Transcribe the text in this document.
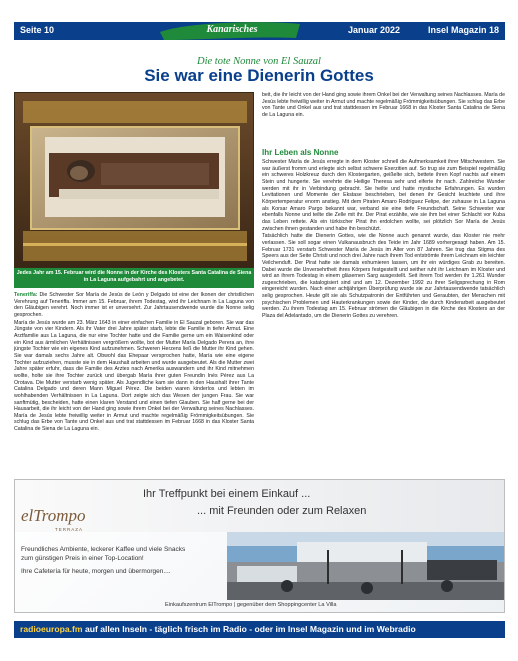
Seite 10	Januar 2022	Insel Magazin 18
Kanarisches
Die tote Nonne von El Sauzal
Sie war eine Dienerin Gottes
Jedes Jahr am 15. Februar wird die Nonne in der Kirche des Klosters Santa Catalina de Siena in La Laguna aufgebahrt und angebetet.

Teneriffa: Die Schwester Sor María de Jesús de León y Delgado ist eine der Ikonen der christlichen Verehrung auf Teneriffa. Immer am 15. Februar, ihrem Todestag, wird ihr Leichnam in La Laguna von den Gläubigen verehrt. Noch immer ist er unversehrt. Zur Jahrtausendwende wurde die Nonne selig gesprochen.

María de Jesús wurde am 23. März 1643 in einer einfachen Familie in El Sauzal geboren. Sie war das Jüngste von vier Kindern. Als ihr Vater drei Jahre später starb, lebte die Familie in tiefer Armut. Eine Arztfamilie aus La Laguna, die nur eine Tochter hatte und die Familie gerne um ein Waisenkind oder ein Kind aus ärmlichen Verhältnissen vergrößern wollte, bot der Mutter María Delgado Perera an, ihre jüngste Tochter wie ein eigenes Kind aufzunehmen. Schweren Herzens ließ die Mutter ihr Kind gehen. Sie war damals sechs Jahre alt. Obwohl das Ehepaar versprochen hatte, María wie eine eigene Tochter aufzuziehen, musste sie in dem Haushalt arbeiten und wurde ausgebeutet. Als die Mutter zwei Jahre später erfuhr, dass die Familie des Arztes nach Amerika auswandern und ihr Kind mitnehmen wollte, holte sie ihre Tochter zurück und übergab María ihrer guten Freundin Inés Pérez aus La Orotava. Die Mutter verstarb wenig später. Als Jugendliche kam sie dann in den Haushalt ihrer Tante Catalina Delgado und deren Mann Miguel Pérez. Die beiden waren kinderlos und lebten im wohlhabenden Verhältnissen in La Laguna. Dort zeigte sich das Wesen der jungen Frau. Sie war sanftmütig, bescheiden, hatte einen klaren Verstand und einen tiefen Glauben. Sie half gerne bei der Hausarbeit, die ihr leicht von der Hand ging sowie ihrem Onkel bei der Verwaltung seines Nachlasses. María de Jesús lebte freiwillig weiter in Armut und machte regelmäßig Frömmigkeitsübungen. Sie schlug das Erbe von Tante und Onkel aus und trat stattdessen im Februar 1668 in das Kloster Santa Catalina de Siena de La Laguna ein.

beit, die ihr leicht von der Hand ging sowie ihrem Onkel bei der Verwaltung seines Nachlasses. María de Jesús lebte freiwillig weiter in Armut und machte regelmäßig Frömmigkeitsübungen. Sie schlug das Erbe von Tante und Onkel aus und trat stattdessen im Februar 1668 in das Kloster Santa Catalina de Siena de La Laguna ein.

Ihr Leben als Nonne

Schwester María de Jesús erregte in dem Kloster schnell die Aufmerksamkeit ihrer Mitschwestern. Sie war äußerst fromm und erlegte sich selbst schwere Exerzitien auf. So trug sie zum Beispiel regelmäßig ein schweres Holzkreuz durch den Klostergarten, geißelte sich, bettete ihren Kopf nachts auf einem Stein und hungerte. Sie verehrte die Heilige Theresa sehr und eiferte ihr nach. Zahlreiche Wunder werden mit ihr in Verbindung gebracht. Sie heilte und hatte mystische Erfahrungen. Es wurden Levitationen und Momente der Ekstase beschrieben, bei denen ihr Gesicht leuchtete und ihre Körpertemperatur enorm anstieg. Mit dem Piraten Amaro Rodríguez Felipe, der zuhause in La Laguna als Korsar Amaro Pargo bekannt war, verband sie eine tiefe Freundschaft. Seine Schwester war ebenfalls Nonne und teilte die Zelle mit ihr. Der Pirat erzählte, wie sie ihm bei einer Schlacht vor Kuba das Leben rettete. Als ein türkischer Pirat ihn erdolchen wollte, sei plötzlich Sor María de Jesús zwischen ihnen gestanden und habe ihn beschützt.

Tatsächlich hatte die Dienerin Gottes, wie die Nonne auch genannt wurde, das Kloster nie mehr verlassen. Sie soll sogar einen Vulkanausbruch des Teide im Jahr 1689 vorhergesagt haben. Am 15. Februar 1731 verstarb Schwester María de Jesús im Alter von 87 Jahren. Sie trug das Stigma des Speers aus der Seite Christi und noch drei Jahre nach ihrem Tod entströmte ihrem Leichnam ein leichter Veilchenduft. Der Pirat hatte sie damals exhumieren lassen, um ihr ein würdiges Grab zu bereiten. Dabei wurde die Unversehrtheit ihres Körpers festgestellt und seither ruht ihr Leichnam im Kloster und wird an ihrem Todestag in einem gläsernen Sarg ausgestellt. Seit ihrem Tod werden ihr 1.261 Wunder zugeschrieben, die katalogisiert sind und am 12. Dezember 1992 zu ihrer Seligsprechung in Rom eingereicht wurden. Nach einer achtjährigen Überprüfung wurde sie zur Jahrtausendwende tatsächlich selig gesprochen. Heute gilt sie als Schutzpatronin der Entführten und Geraubten, der Menschen mit psychischen Problemen und Hauterkrankungen sowie der Kinder, die durch Kinderarbeit ausgebeutet werden. Zu ihrem Todestag am 15. Februar strömen die Gläubigen in die Kirche des Klosters an der Plaza del Adelantado, um die Dienerin Gottes zu verehren.

Ihr Treffpunkt bei einem Einkauf ...
... mit Freunden oder zum Relaxen
elTrompo
TERRAZA
Freundliches Ambiente, leckerer Kaffee und viele Snacks
zum günstigen Preis in einer Top-Location!
Ihre Cafetería für heute, morgen und übermorgen....
Einkaufszentrum ElTrompo | gegenüber dem Shoppingcenter La Villa
radioeuropa.fm auf allen Inseln - täglich frisch im Radio - oder im Insel Magazin und im Webradio
